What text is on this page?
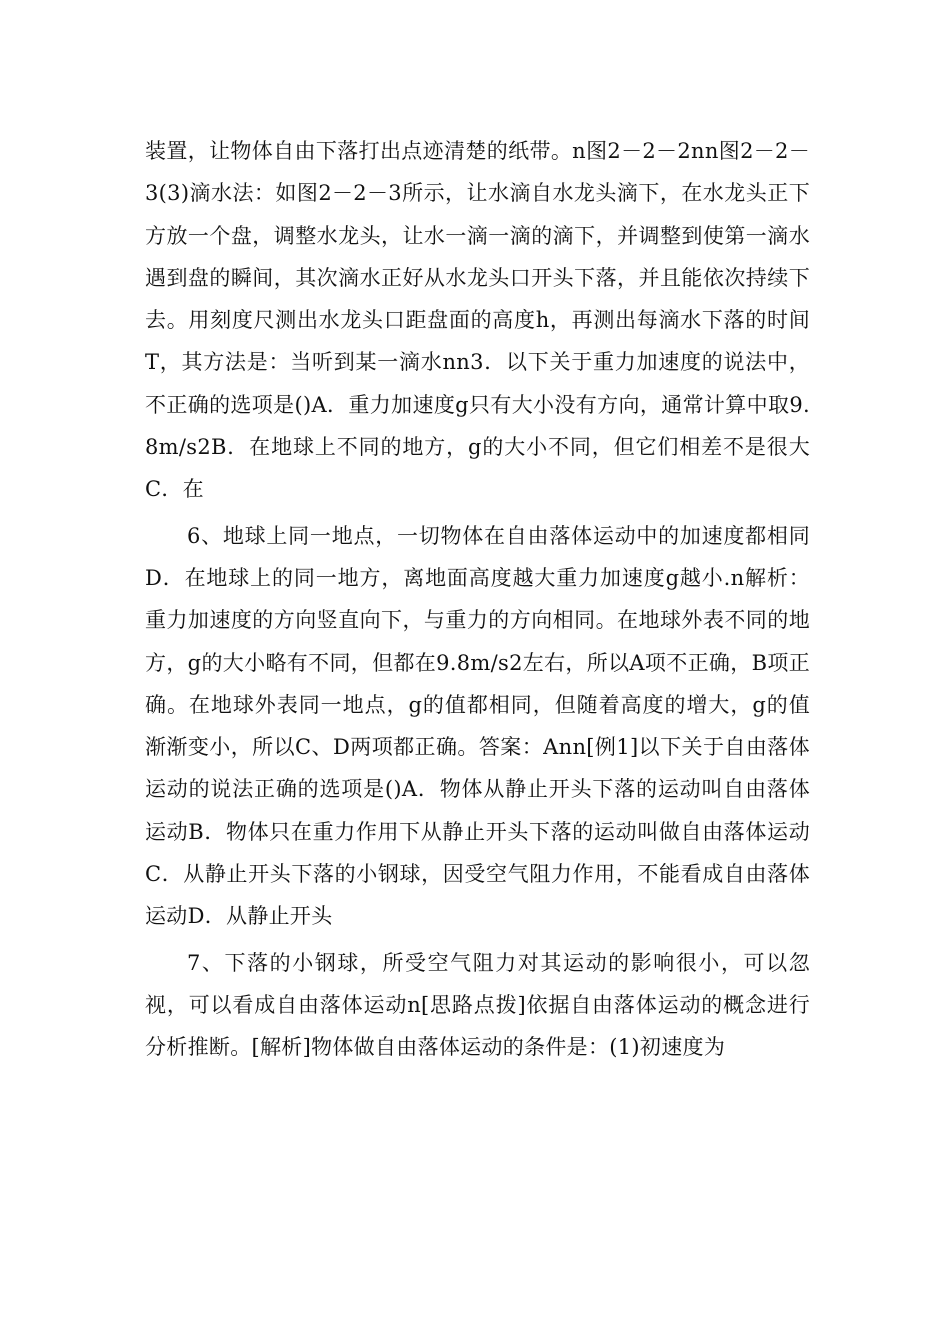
装置，让物体自由下落打出点迹清楚的纸带。n图2－2－2nn图2－2－3(3)滴水法：如图2－2－3所示，让水滴自水龙头滴下，在水龙头正下方放一个盘，调整水龙头，让水一滴一滴的滴下，并调整到使第一滴水遇到盘的瞬间，其次滴水正好从水龙头口开头下落，并且能依次持续下去。用刻度尺测出水龙头口距盘面的高度h，再测出每滴水下落的时间T，其方法是：当听到某一滴水nn3．以下关于重力加速度的说法中，不正确的选项是()A．重力加速度g只有大小没有方向，通常计算中取9.8m/s2B．在地球上不同的地方，g的大小不同，但它们相差不是很大C．在

6、地球上同一地点，一切物体在自由落体运动中的加速度都相同D．在地球上的同一地方，离地面高度越大重力加速度g越小.n解析：重力加速度的方向竖直向下，与重力的方向相同。在地球外表不同的地方，g的大小略有不同，但都在9.8m/s2左右，所以A项不正确，B项正确。在地球外表同一地点，g的值都相同，但随着高度的增大，g的值渐渐变小，所以C、D两项都正确。答案：Ann[例1]以下关于自由落体运动的说法正确的选项是()A．物体从静止开头下落的运动叫自由落体运动B．物体只在重力作用下从静止开头下落的运动叫做自由落体运动C．从静止开头下落的小钢球，因受空气阻力作用，不能看成自由落体运动D．从静止开头

7、下落的小钢球，所受空气阻力对其运动的影响很小，可以忽视，可以看成自由落体运动n[思路点拨]依据自由落体运动的概念进行分析推断。[解析]物体做自由落体运动的条件是：(1)初速度为
